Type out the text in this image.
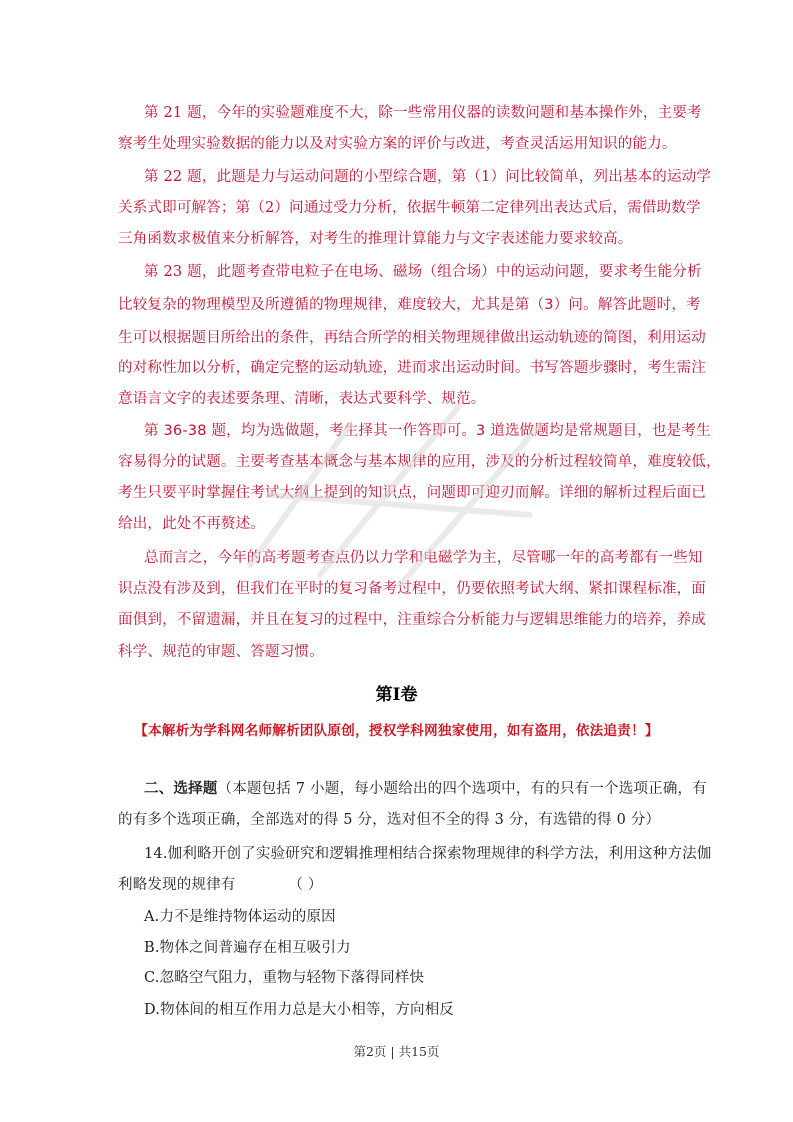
第 21 题，今年的实验题难度不大，除一些常用仪器的读数问题和基本操作外，主要考
察考生处理实验数据的能力以及对实验方案的评价与改进，考查灵活运用知识的能力。
第 22 题，此题是力与运动问题的小型综合题，第（1）问比较简单，列出基本的运动学
关系式即可解答；第（2）问通过受力分析，依据牛顿第二定律列出表达式后，需借助数学
三角函数求极值来分析解答，对考生的推理计算能力与文字表述能力要求较高。
第 23 题，此题考查带电粒子在电场、磁场（组合场）中的运动问题，要求考生能分析
比较复杂的物理模型及所遵循的物理规律，难度较大，尤其是第（3）问。解答此题时，考
生可以根据题目所给出的条件，再结合所学的相关物理规律做出运动轨迹的简图，利用运动
的对称性加以分析，确定完整的运动轨迹，进而求出运动时间。书写答题步骤时，考生需注
意语言文字的表述要条理、清晰，表达式要科学、规范。
第 36-38 题，均为选做题，考生择其一作答即可。3 道选做题均是常规题目，也是考生
容易得分的试题。主要考查基本概念与基本规律的应用，涉及的分析过程较简单，难度较低，
考生只要平时掌握住考试大纲上提到的知识点，问题即可迎刃而解。详细的解析过程后面已
给出，此处不再赘述。
总而言之，今年的高考题考查点仍以力学和电磁学为主，尽管哪一年的高考都有一些知
识点没有涉及到，但我们在平时的复习备考过程中，仍要依照考试大纲、紧扣课程标准，面
面俱到，不留遗漏，并且在复习的过程中，注重综合分析能力与逻辑思维能力的培养，养成
科学、规范的审题、答题习惯。
第Ⅰ卷
【本解析为学科网名师解析团队原创，授权学科网独家使用，如有盗用，依法追责！】
二、选择题（本题包括 7 小题，每小题给出的四个选项中，有的只有一个选项正确，有
的有多个选项正确，全部选对的得 5 分，选对但不全的得 3 分，有选错的得 0 分）
14.伽利略开创了实验研究和逻辑推理相结合探索物理规律的科学方法，利用这种方法伽
利略发现的规律有	（ ）
A.力不是维持物体运动的原因
B.物体之间普遍存在相互吸引力
C.忽略空气阻力，重物与轻物下落得同样快
D.物体间的相互作用力总是大小相等，方向相反
第2页 | 共15页
